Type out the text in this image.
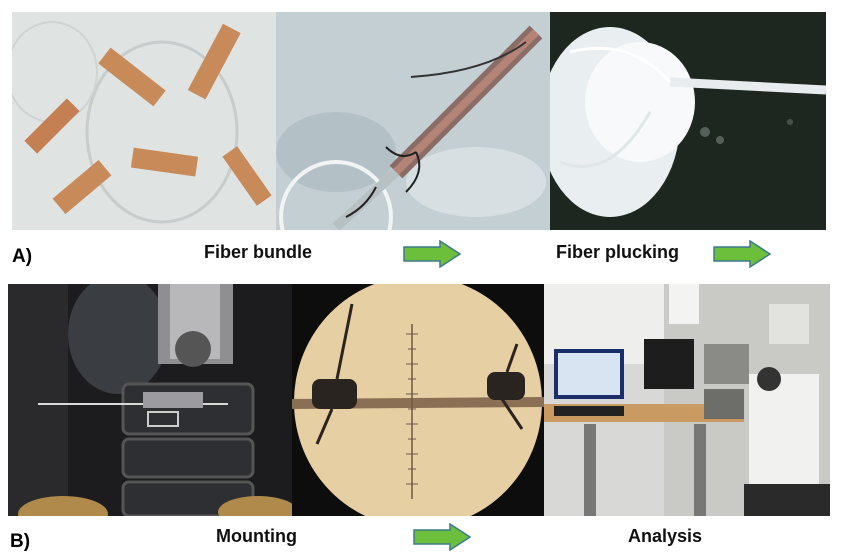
A)	Fiber bundle	Fiber plucking
B)	Mounting	Analysis
